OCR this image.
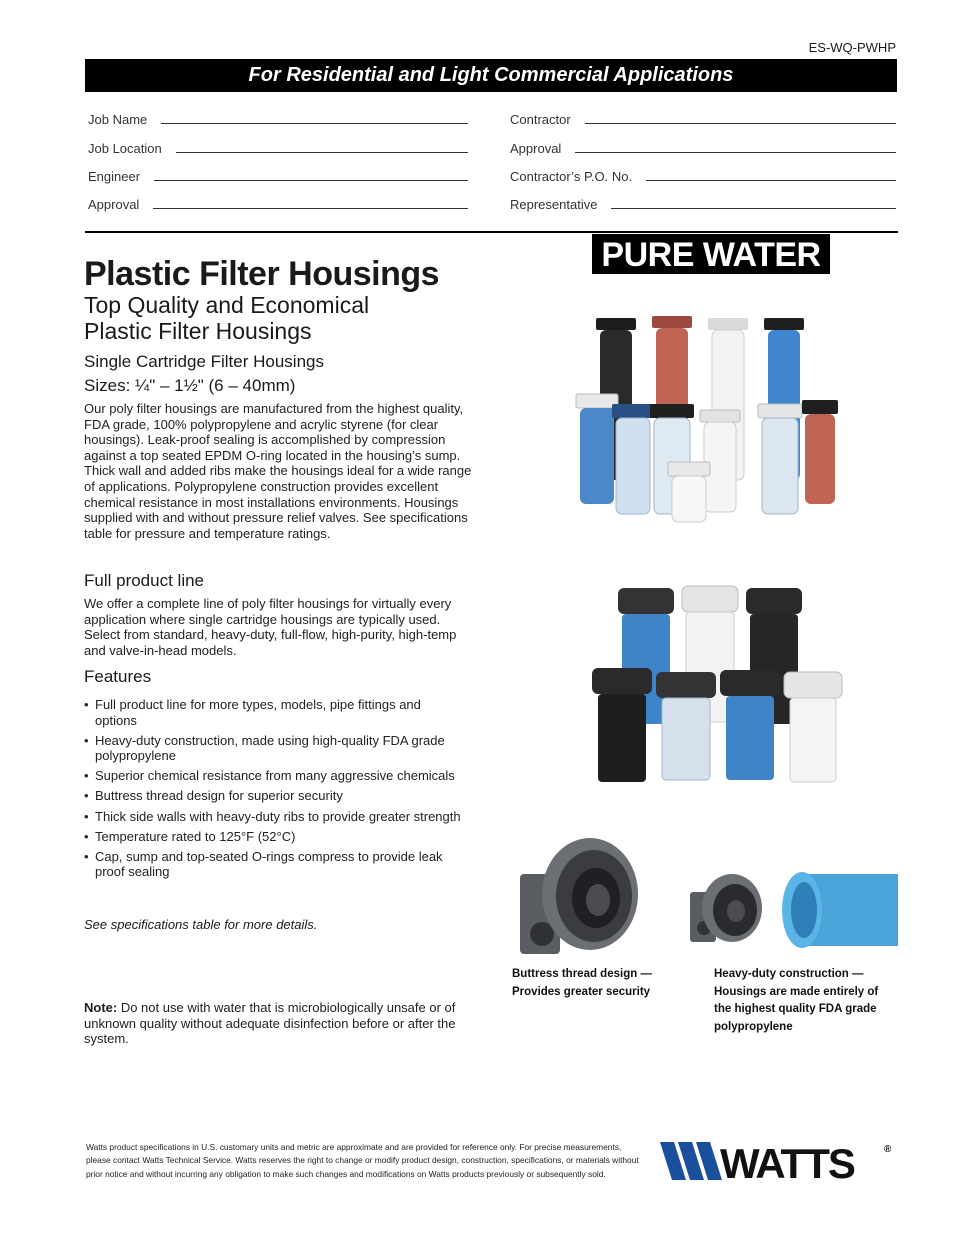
ES-WQ-PWHP
For Residential and Light Commercial Applications
Job Name
Job Location
Engineer
Approval
Contractor
Approval
Contractor’s P.O. No.
Representative
Plastic Filter Housings
Top Quality and Economical
Plastic Filter Housings
Single Cartridge Filter Housings
Sizes: ¼" – 1½" (6 – 40mm)
Our poly filter housings are manufactured from the highest quality, FDA grade, 100% polypropylene and acrylic styrene (for clear housings). Leak-proof sealing is accomplished by compression against a top seated EPDM O-ring located in the housing’s sump. Thick wall and added ribs make the housings ideal for a wide range of applications. Polypropylene construction provides excellent chemical resistance in most installations environments. Housings supplied with and without pressure relief valves. See specifications table for pressure and temperature ratings.
Full product line
We offer a complete line of poly filter housings for virtually every application where single cartridge housings are typically used. Select from standard, heavy-duty, full-flow, high-purity, high-temp and valve-in-head models.
Features
• Full product line for more types, models, pipe fittings and options
• Heavy-duty construction, made using high-quality FDA grade polypropylene
• Superior chemical resistance from many aggressive chemicals
• Buttress thread design for superior security
• Thick side walls with heavy-duty ribs to provide greater strength
• Temperature rated to 125°F (52°C)
• Cap, sump and top-seated O-rings compress to provide leak proof sealing
See specifications table for more details.
Note: Do not use with water that is microbiologically unsafe or of unknown quality without adequate disinfection before or after the system.
PURE WATER
Buttress thread design — Provides greater security
Heavy-duty construction — Housings are made entirely of the highest quality FDA grade polypropylene
Watts product specifications in U.S. customary units and metric are approximate and are provided for reference only. For precise measurements, please contact Watts Technical Service. Watts reserves the right to change or modify product design, construction, specifications, or materials without prior notice and without incurring any obligation to make such changes and modifications on Watts products previously or subsequently sold.	WATTS	®
